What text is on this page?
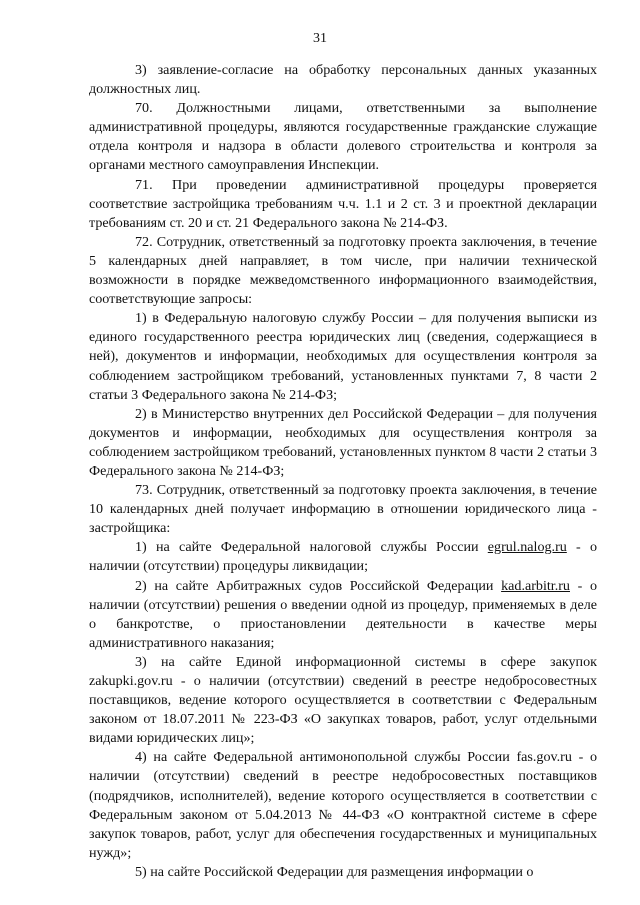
31

3) заявление-согласие на обработку персональных данных указанных должностных лиц.

70. Должностными лицами, ответственными за выполнение административной процедуры, являются государственные гражданские служащие отдела контроля и надзора в области долевого строительства и контроля за органами местного самоуправления Инспекции.

71. При проведении административной процедуры проверяется соответствие застройщика требованиям ч.ч. 1.1 и 2 ст. 3 и проектной декларации требованиям ст. 20 и ст. 21 Федерального закона № 214-ФЗ.

72. Сотрудник, ответственный за подготовку проекта заключения, в течение 5 календарных дней направляет, в том числе, при наличии технической возможности в порядке межведомственного информационного взаимодействия, соответствующие запросы:

1) в Федеральную налоговую службу России – для получения выписки из единого государственного реестра юридических лиц (сведения, содержащиеся в ней), документов и информации, необходимых для осуществления контроля за соблюдением застройщиком требований, установленных пунктами 7, 8 части 2 статьи 3 Федерального закона № 214-ФЗ;

2) в Министерство внутренних дел Российской Федерации – для получения документов и информации, необходимых для осуществления контроля за соблюдением застройщиком требований, установленных пунктом 8 части 2 статьи 3 Федерального закона № 214-ФЗ;

73. Сотрудник, ответственный за подготовку проекта заключения, в течение 10 календарных дней получает информацию в отношении юридического лица - застройщика:

1) на сайте Федеральной налоговой службы России egrul.nalog.ru - о наличии (отсутствии) процедуры ликвидации;

2) на сайте Арбитражных судов Российской Федерации kad.arbitr.ru - о наличии (отсутствии) решения о введении одной из процедур, применяемых в деле о банкротстве, о приостановлении деятельности в качестве меры административного наказания;

3) на сайте Единой информационной системы в сфере закупок zakupki.gov.ru - о наличии (отсутствии) сведений в реестре недобросовестных поставщиков, ведение которого осуществляется в соответствии с Федеральным законом от 18.07.2011 № 223-ФЗ «О закупках товаров, работ, услуг отдельными видами юридических лиц»;

4) на сайте Федеральной антимонопольной службы России fas.gov.ru - о наличии (отсутствии) сведений в реестре недобросовестных поставщиков (подрядчиков, исполнителей), ведение которого осуществляется в соответствии с Федеральным законом от 5.04.2013 № 44-ФЗ «О контрактной системе в сфере закупок товаров, работ, услуг для обеспечения государственных и муниципальных нужд»;

5) на сайте Российской Федерации для размещения информации о
